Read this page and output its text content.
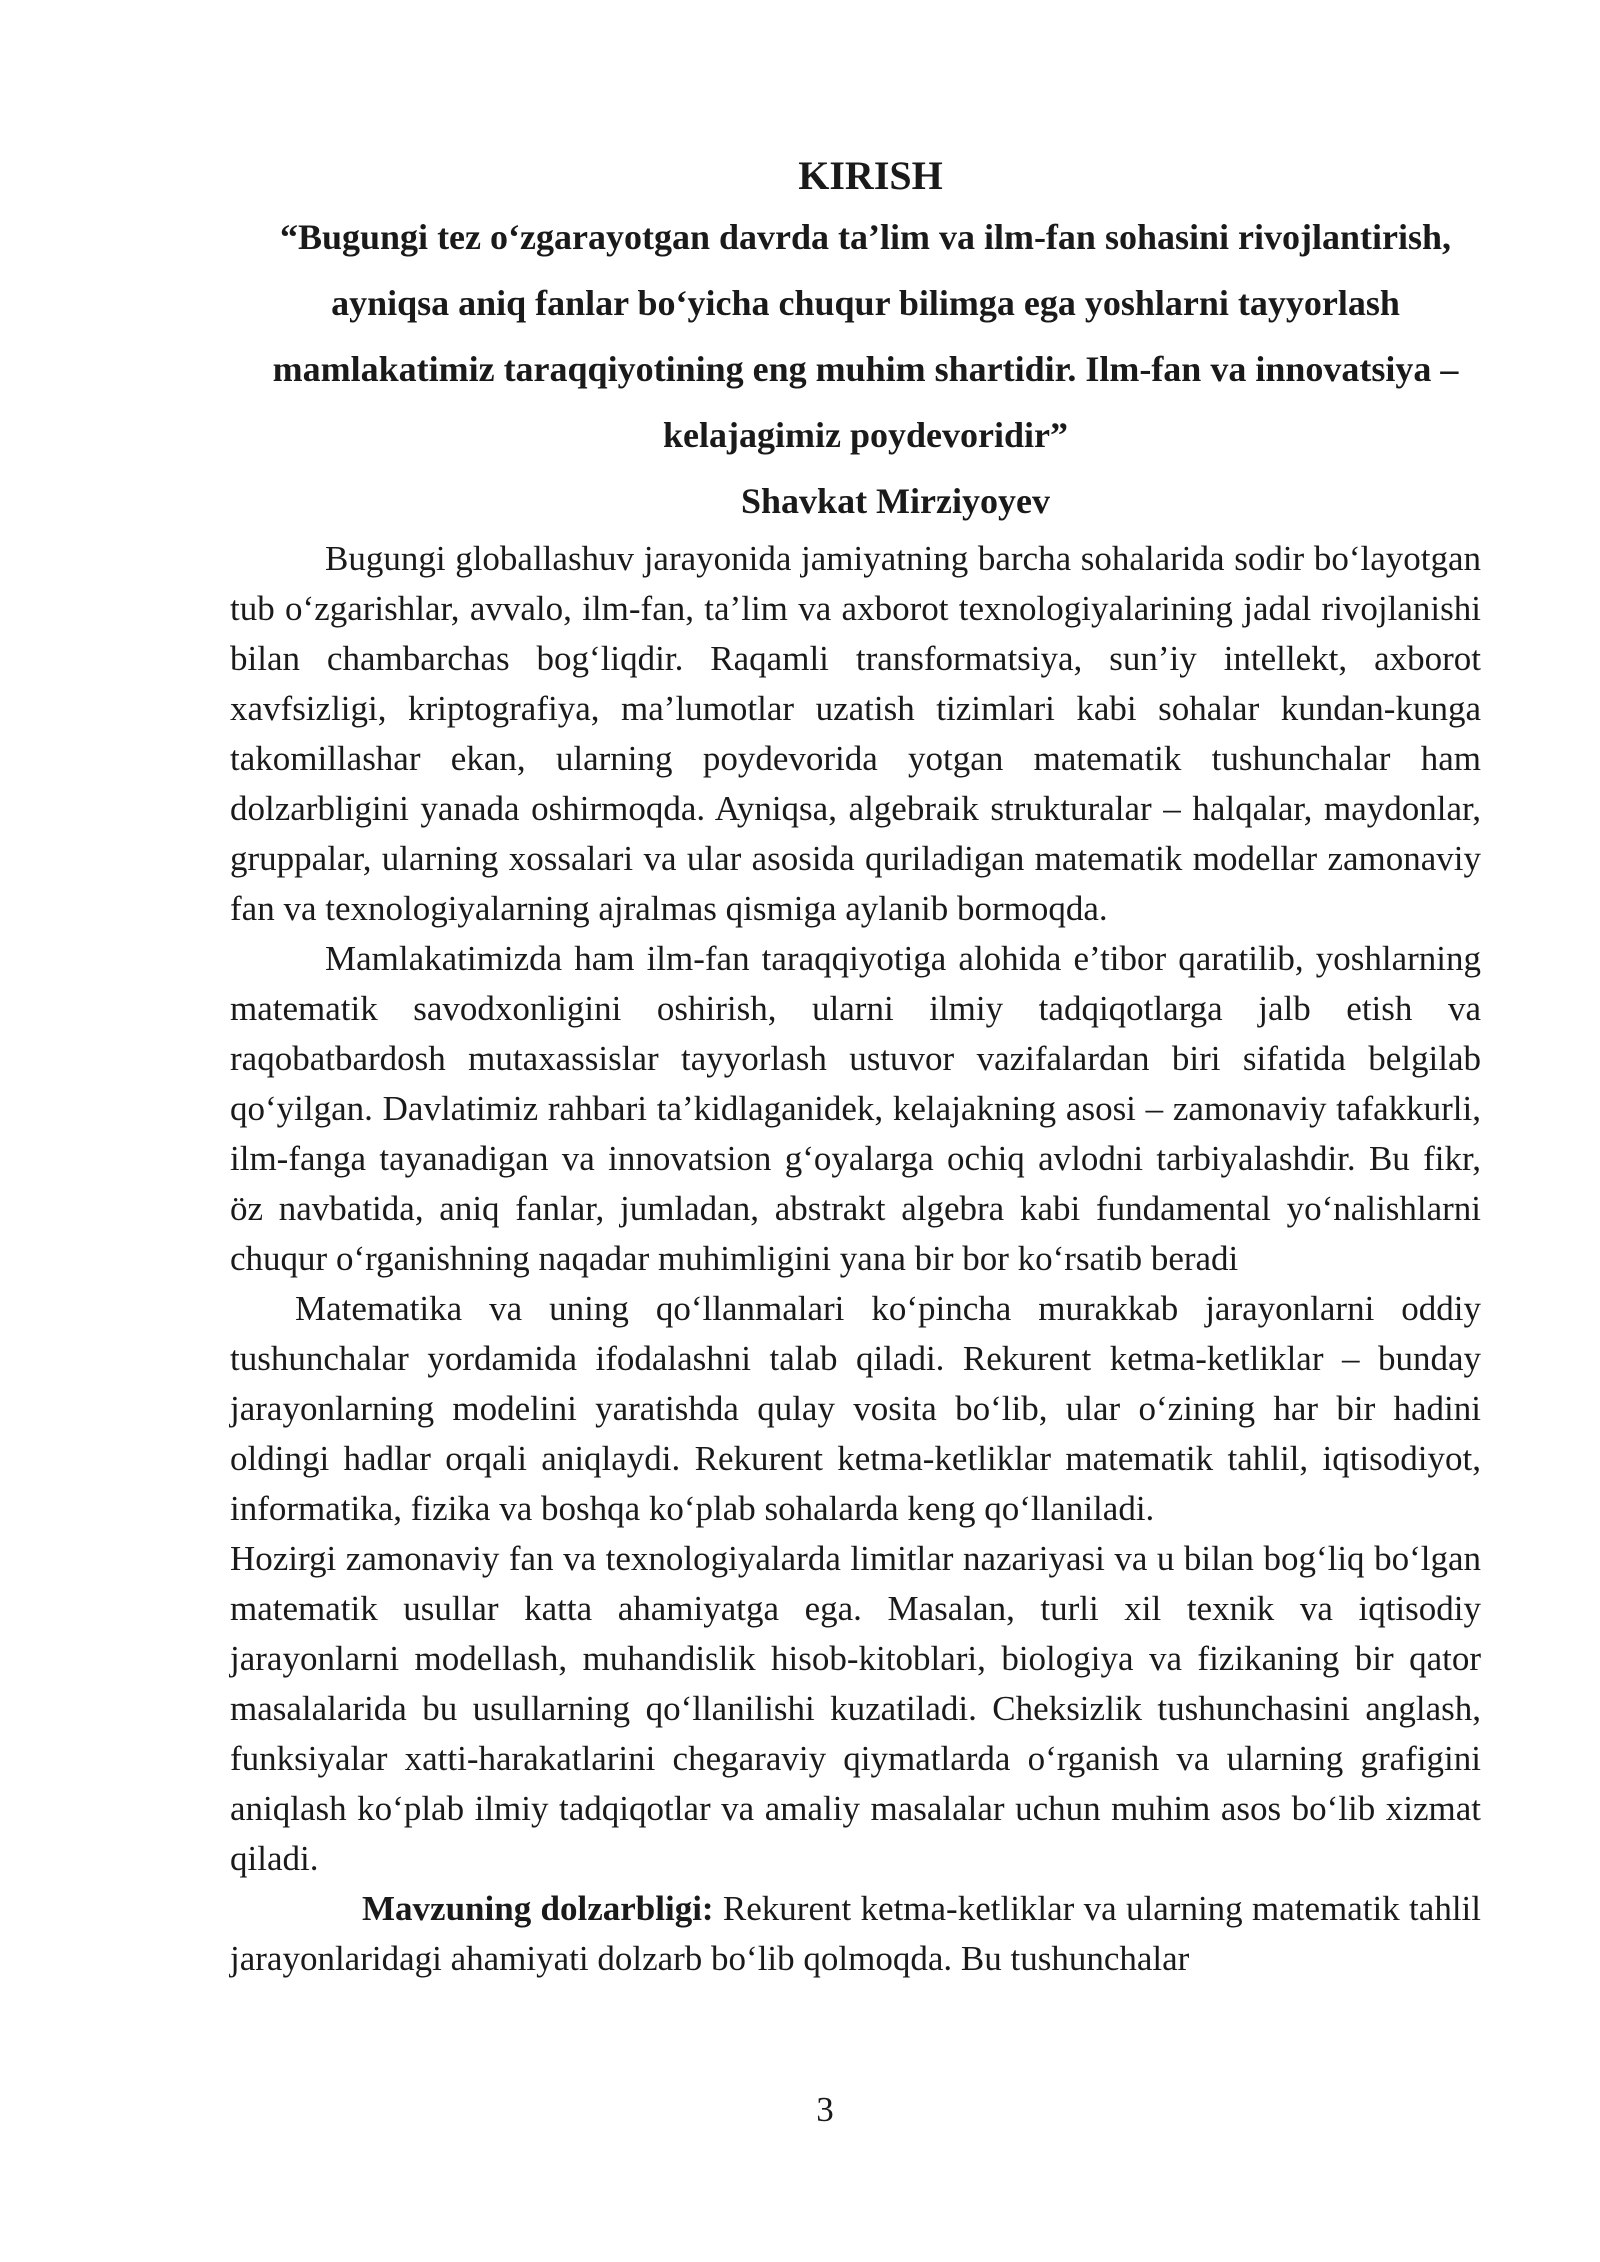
KIRISH

“Bugungi tez o‘zgarayotgan davrda ta’lim va ilm-fan sohasini rivojlantirish, ayniqsa aniq fanlar bo‘yicha chuqur bilimga ega yoshlarni tayyorlash mamlakatimiz taraqqiyotining eng muhim shartidir. Ilm-fan va innovatsiya – kelajagimiz poydevoridir”

Shavkat Mirziyoyev

Bugungi globallashuv jarayonida jamiyatning barcha sohalarida sodir bo‘layotgan tub o‘zgarishlar, avvalo, ilm-fan, ta’lim va axborot texnologiyalarining jadal rivojlanishi bilan chambarchas bog‘liqdir. Raqamli transformatsiya, sun’iy intellekt, axborot xavfsizligi, kriptografiya, ma’lumotlar uzatish tizimlari kabi sohalar kundan-kunga takomillashar ekan, ularning poydevorida yotgan matematik tushunchalar ham dolzarbligini yanada oshirmoqda. Ayniqsa, algebraik strukturalar – halqalar, maydonlar, gruppalar, ularning xossalari va ular asosida quriladigan matematik modellar zamonaviy fan va texnologiyalarning ajralmas qismiga aylanib bormoqda.

Mamlakatimizda ham ilm-fan taraqqiyotiga alohida e’tibor qaratilib, yoshlarning matematik savodxonligini oshirish, ularni ilmiy tadqiqotlarga jalb etish va raqobatbardosh mutaxassislar tayyorlash ustuvor vazifalardan biri sifatida belgilab qo‘yilgan. Davlatimiz rahbari ta’kidlaganidek, kelajakning asosi – zamonaviy tafakkurli, ilm-fanga tayanadigan va innovatsion g‘oyalarga ochiq avlodni tarbiyalashdir. Bu fikr, öz navbatida, aniq fanlar, jumladan, abstrakt algebra kabi fundamental yo‘nalishlarni chuqur o‘rganishning naqadar muhimligini yana bir bor ko‘rsatib beradi

Matematika va uning qo‘llanmalari ko‘pincha murakkab jarayonlarni oddiy tushunchalar yordamida ifodalashni talab qiladi. Rekurent ketma-ketliklar – bunday jarayonlarning modelini yaratishda qulay vosita bo‘lib, ular o‘zining har bir hadini oldingi hadlar orqali aniqlaydi. Rekurent ketma-ketliklar matematik tahlil, iqtisodiyot, informatika, fizika va boshqa ko‘plab sohalarda keng qo‘llaniladi.

Hozirgi zamonaviy fan va texnologiyalarda limitlar nazariyasi va u bilan bog‘liq bo‘lgan matematik usullar katta ahamiyatga ega. Masalan, turli xil texnik va iqtisodiy jarayonlarni modellash, muhandislik hisob-kitoblari, biologiya va fizikaning bir qator masalalarida bu usullarning qo‘llanilishi kuzatiladi. Cheksizlik tushunchasini anglash, funksiyalar xatti-harakatlarini chegaraviy qiymatlarda o‘rganish va ularning grafigini aniqlash ko‘plab ilmiy tadqiqotlar va amaliy masalalar uchun muhim asos bo‘lib xizmat qiladi.

Mavzuning dolzarbligi: Rekurent ketma-ketliklar va ularning matematik tahlil jarayonlaridagi ahamiyati dolzarb bo‘lib qolmoqda. Bu tushunchalar

3
